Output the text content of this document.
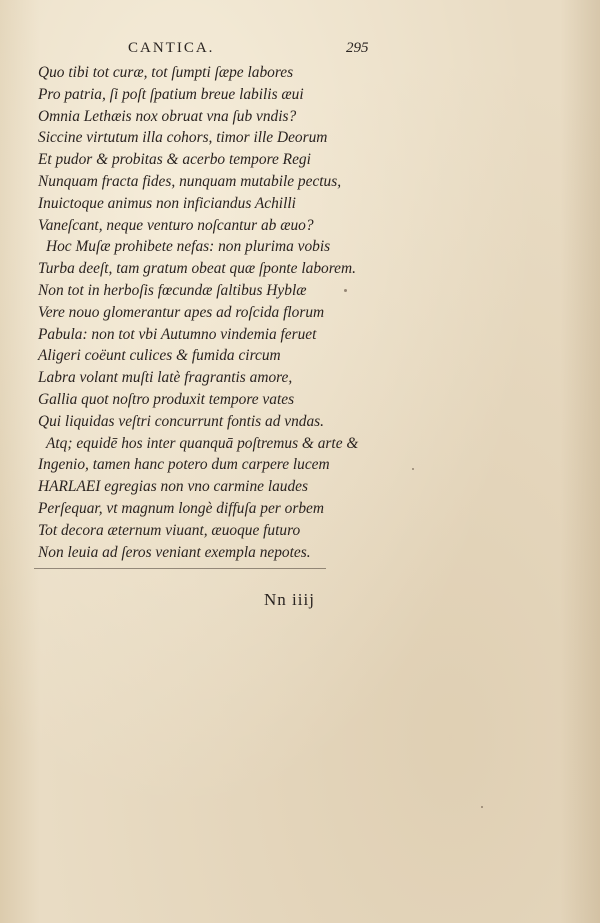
CANTICA.	295
Quo tibi tot curæ, tot ſumpti ſæpe labores
Pro patria, ſi poſt ſpatium breue labilis æui
Omnia Lethæis nox obruat vna ſub vndis?
Siccine virtutum illa cohors, timor ille Deorum
Et pudor & probitas & acerbo tempore Regi
Nunquam fracta fides, nunquam mutabile pectus,
Inuictoque animus non inficiandus Achilli
Vaneſcant, neque venturo noſcantur ab æuo?
Hoc Muſæ prohibete nefas: non plurima vobis
Turba deeſt, tam gratum obeat quæ ſponte laborem.
Non tot in herboſis fœcundæ ſaltibus Hyblæ
Vere nouo glomerantur apes ad roſcida florum
Pabula: non tot vbi Autumno vindemia feruet
Aligeri coëunt culices & fumida circum
Labra volant muſti latè fragrantis amore,
Gallia quot noſtro produxit tempore vates
Qui liquidas veſtri concurrunt fontis ad vndas.
Atq; equidē hos inter quanquā poſtremus & arte &
Ingenio, tamen hanc potero dum carpere lucem
HARLAEI egregias non vno carmine laudes
Perſequar, vt magnum longè diffuſa per orbem
Tot decora æternum viuant, æuoque futuro
Non leuia ad ſeros veniant exempla nepotes.
Nn iiij
